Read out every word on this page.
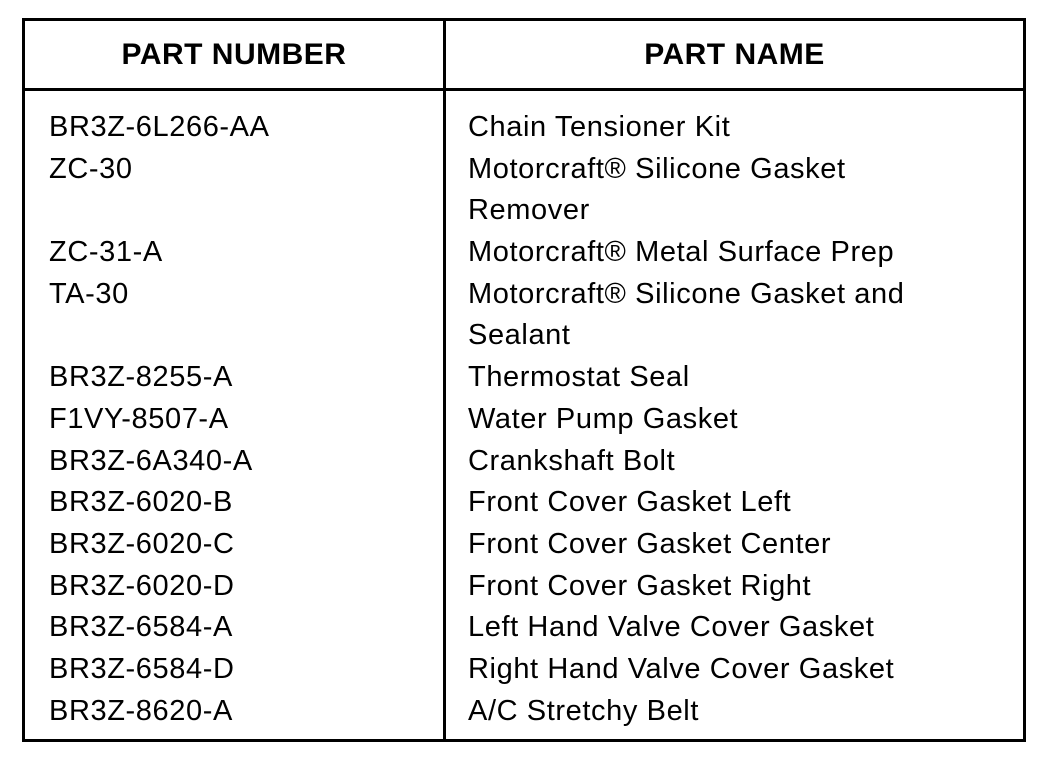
PART NUMBER	PART NAME
BR3Z-6L266-AA
ZC-30
ZC-31-A
TA-30
BR3Z-8255-A
F1VY-8507-A
BR3Z-6A340-A
BR3Z-6020-B
BR3Z-6020-C
BR3Z-6020-D
BR3Z-6584-A
BR3Z-6584-D
BR3Z-8620-A
Chain Tensioner Kit
Motorcraft® Silicone Gasket
Remover
Motorcraft® Metal Surface Prep
Motorcraft® Silicone Gasket and
Sealant
Thermostat Seal
Water Pump Gasket
Crankshaft Bolt
Front Cover Gasket Left
Front Cover Gasket Center
Front Cover Gasket Right
Left Hand Valve Cover Gasket
Right Hand Valve Cover Gasket
A/C Stretchy Belt
